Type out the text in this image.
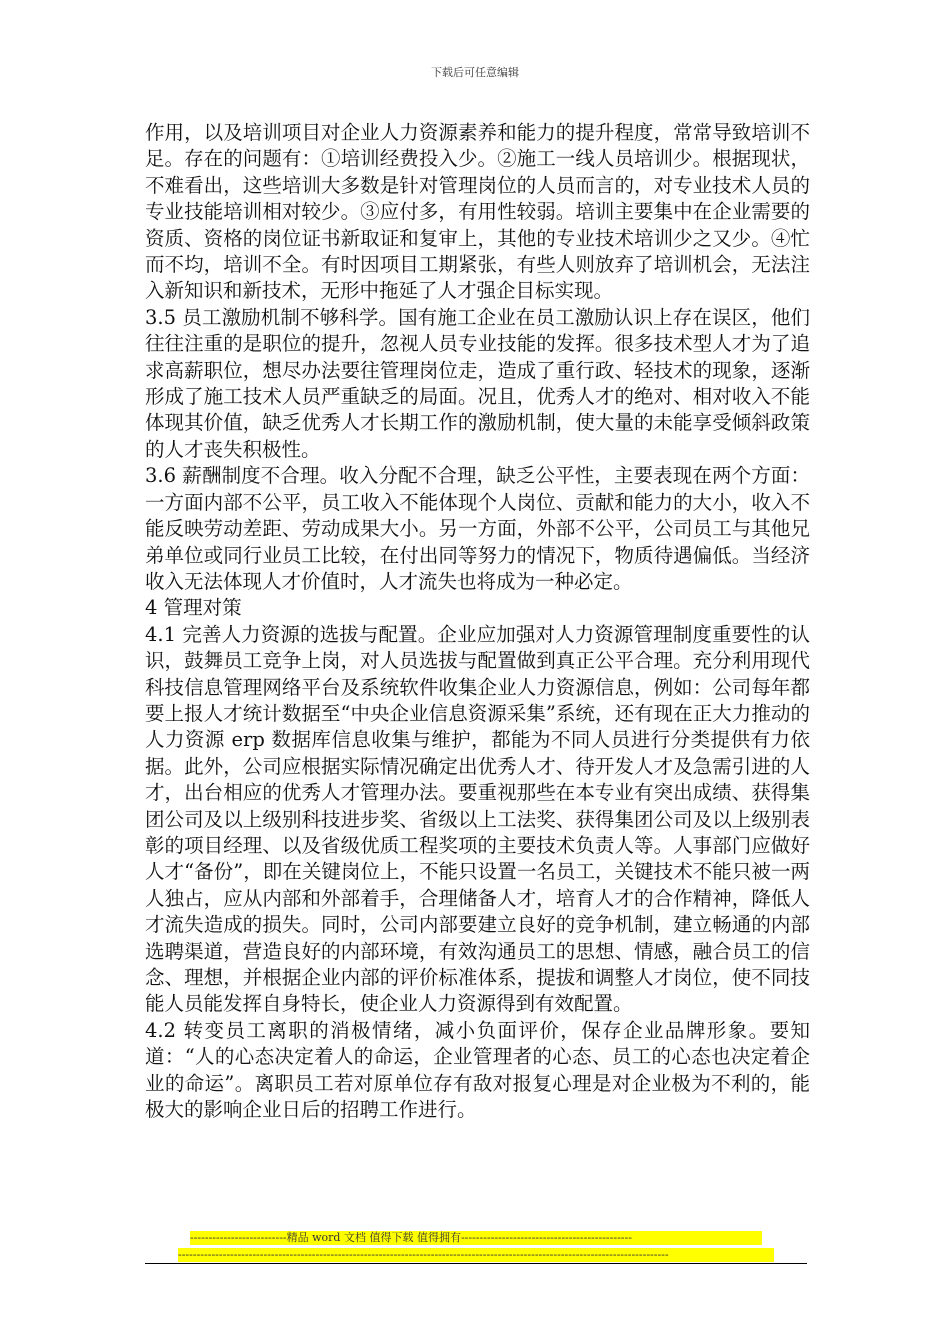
下载后可任意编辑

作用，以及培训项目对企业人力资源素养和能力的提升程度，常常导致培训不足。存在的问题有：①培训经费投入少。②施工一线人员培训少。根据现状，不难看出，这些培训大多数是针对管理岗位的人员而言的，对专业技术人员的专业技能培训相对较少。③应付多，有用性较弱。培训主要集中在企业需要的资质、资格的岗位证书新取证和复审上，其他的专业技术培训少之又少。④忙而不均，培训不全。有时因项目工期紧张，有些人则放弃了培训机会，无法注入新知识和新技术，无形中拖延了人才强企目标实现。

3.5 员工激励机制不够科学。国有施工企业在员工激励认识上存在误区，他们往往注重的是职位的提升，忽视人员专业技能的发挥。很多技术型人才为了追求高薪职位，想尽办法要往管理岗位走，造成了重行政、轻技术的现象，逐渐形成了施工技术人员严重缺乏的局面。况且，优秀人才的绝对、相对收入不能体现其价值，缺乏优秀人才长期工作的激励机制，使大量的未能享受倾斜政策的人才丧失积极性。

3.6 薪酬制度不合理。收入分配不合理，缺乏公平性，主要表现在两个方面：一方面内部不公平，员工收入不能体现个人岗位、贡献和能力的大小，收入不能反映劳动差距、劳动成果大小。另一方面，外部不公平，公司员工与其他兄弟单位或同行业员工比较，在付出同等努力的情况下，物质待遇偏低。当经济收入无法体现人才价值时，人才流失也将成为一种必定。

4 管理对策

4.1 完善人力资源的选拔与配置。企业应加强对人力资源管理制度重要性的认识，鼓舞员工竞争上岗，对人员选拔与配置做到真正公平合理。充分利用现代科技信息管理网络平台及系统软件收集企业人力资源信息，例如：公司每年都要上报人才统计数据至“中央企业信息资源采集”系统，还有现在正大力推动的人力资源 erp 数据库信息收集与维护，都能为不同人员进行分类提供有力依据。此外，公司应根据实际情况确定出优秀人才、待开发人才及急需引进的人才，出台相应的优秀人才管理办法。要重视那些在本专业有突出成绩、获得集团公司及以上级别科技进步奖、省级以上工法奖、获得集团公司及以上级别表彰的项目经理、以及省级优质工程奖项的主要技术负责人等。人事部门应做好人才“备份”，即在关键岗位上，不能只设置一名员工，关键技术不能只被一两人独占，应从内部和外部着手，合理储备人才，培育人才的合作精神，降低人才流失造成的损失。同时，公司内部要建立良好的竞争机制，建立畅通的内部选聘渠道，营造良好的内部环境，有效沟通员工的思想、情感，融合员工的信念、理想，并根据企业内部的评价标准体系，提拔和调整人才岗位，使不同技能人员能发挥自身特长，使企业人力资源得到有效配置。

4.2 转变员工离职的消极情绪，减小负面评价，保存企业品牌形象。要知道：“人的心态决定着人的命运，企业管理者的心态、员工的心态也决定着企业的命运”。离职员工若对原单位存有敌对报复心理是对企业极为不利的，能极大的影响企业日后的招聘工作进行。

--------------------------精品 word 文档 值得下载 值得拥有----------------------------------------------
------------------------------------------------------------------------------------------------------------------------------------
